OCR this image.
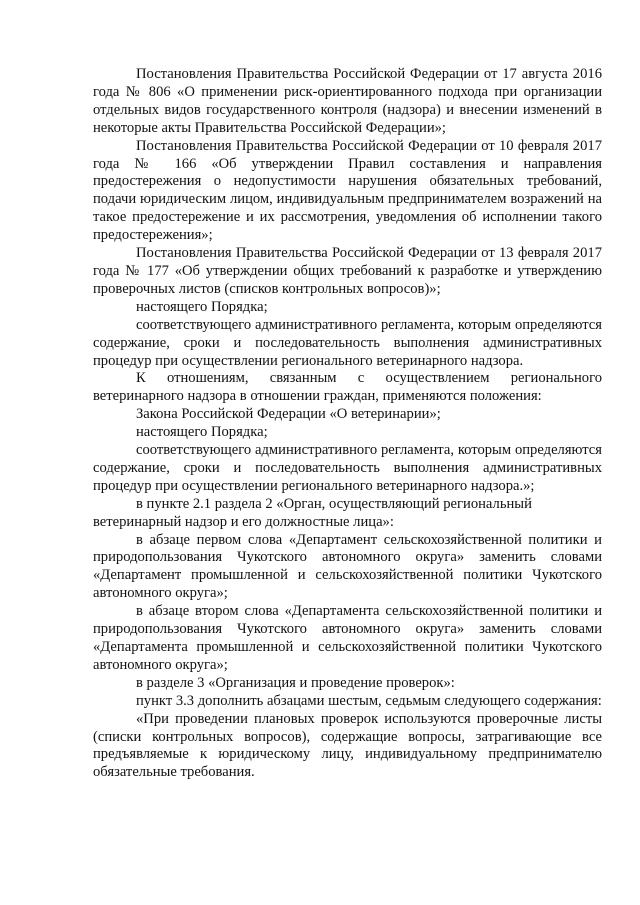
Постановления Правительства Российской Федерации от 17 августа 2016 года № 806 «О применении риск-ориентированного подхода при организации отдельных видов государственного контроля (надзора) и внесении изменений в некоторые акты Правительства Российской Федерации»;

Постановления Правительства Российской Федерации от 10 февраля 2017 года № 166 «Об утверждении Правил составления и направления предостережения о недопустимости нарушения обязательных требований, подачи юридическим лицом, индивидуальным предпринимателем возражений на такое предостережение и их рассмотрения, уведомления об исполнении такого предостережения»;

Постановления Правительства Российской Федерации от 13 февраля 2017 года № 177 «Об утверждении общих требований к разработке и утверждению проверочных листов (списков контрольных вопросов)»;

настоящего Порядка;

соответствующего административного регламента, которым определяются содержание, сроки и последовательность выполнения административных процедур при осуществлении регионального ветеринарного надзора.

К отношениям, связанным с осуществлением регионального ветеринарного надзора в отношении граждан, применяются положения:

Закона Российской Федерации «О ветеринарии»;

настоящего Порядка;

соответствующего административного регламента, которым определяются содержание, сроки и последовательность выполнения административных процедур при осуществлении регионального ветеринарного надзора.»;

в пункте 2.1 раздела 2 «Орган, осуществляющий региональный ветеринарный надзор и его должностные лица»:

в абзаце первом слова «Департамент сельскохозяйственной политики и природопользования Чукотского автономного округа» заменить словами «Департамент промышленной и сельскохозяйственной политики Чукотского автономного округа»;

в абзаце втором слова «Департамента сельскохозяйственной политики и природопользования Чукотского автономного округа» заменить словами «Департамента промышленной и сельскохозяйственной политики Чукотского автономного округа»;

в разделе 3 «Организация и проведение проверок»:

пункт 3.3 дополнить абзацами шестым, седьмым следующего содержания:

«При проведении плановых проверок используются проверочные листы (списки контрольных вопросов), содержащие вопросы, затрагивающие все предъявляемые к юридическому лицу, индивидуальному предпринимателю обязательные требования.
